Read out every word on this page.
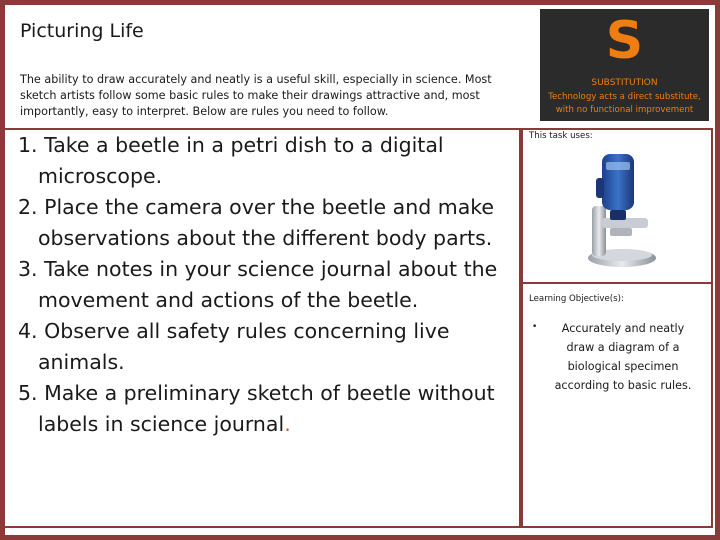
Picturing Life
The ability to draw accurately and neatly is a useful skill, especially in science. Most sketch artists follow some basic rules to make their drawings attractive and, most importantly, easy to interpret. Below are rules you need to follow.
1. Take a beetle in a petri dish to a digital microscope.
2. Place the camera over the beetle and make observations about the different body parts.
3. Take notes in your science journal about the movement and actions of the beetle.
4. Observe all safety rules concerning live animals.
5. Make a preliminary sketch of beetle without labels in science journal.
S
SUBSTITUTION
Technology acts a direct substitute, with no functional improvement
This task uses:
Learning Objective(s):
•	Accurately and neatly draw a diagram of a biological specimen according to basic rules.
